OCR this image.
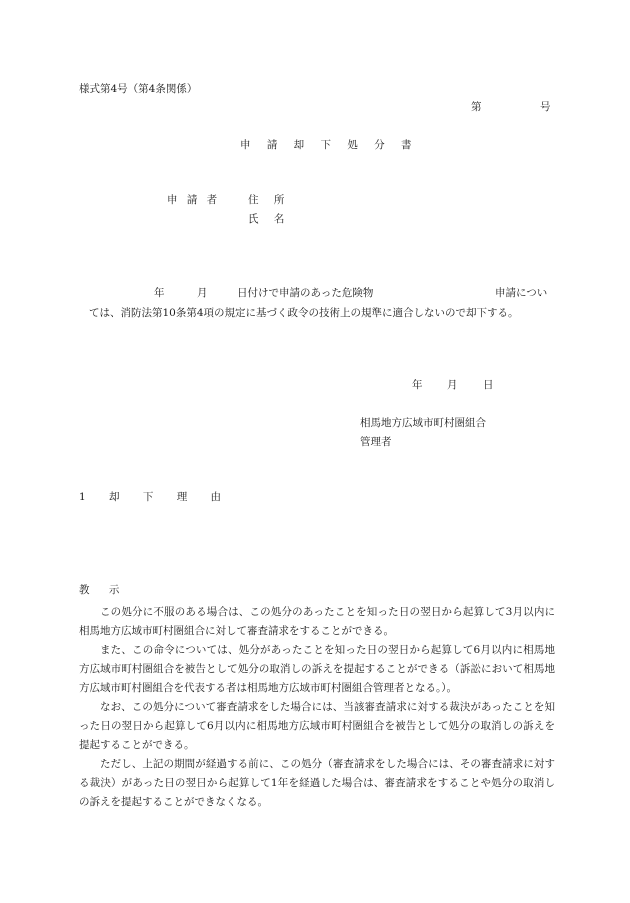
様式第4号（第4条関係）
第	号
申 請 却 下 処 分 書
申 請 者	住 所
氏 名
年	月	日付けで申請のあった危険物	申請につい
ては、消防法第10条第4項の規定に基づく政令の技術上の規準に適合しないので却下する。
年 月 日
相馬地方広域市町村圏組合
管理者
1 却 下 理 由
教 示

この処分に不服のある場合は、この処分のあったことを知った日の翌日から起算して3月以内に相馬地方広域市町村圏組合に対して審査請求をすることができる。

また、この命令については、処分があったことを知った日の翌日から起算して6月以内に相馬地方広域市町村圏組合を被告として処分の取消しの訴えを提起することができる（訴訟において相馬地方広域市町村圏組合を代表する者は相馬地方広域市町村圏組合管理者となる。）。

なお、この処分について審査請求をした場合には、当該審査請求に対する裁決があったことを知った日の翌日から起算して6月以内に相馬地方広域市町村圏組合を被告として処分の取消しの訴えを提起することができる。

ただし、上記の期間が経過する前に、この処分（審査請求をした場合には、その審査請求に対する裁決）があった日の翌日から起算して1年を経過した場合は、審査請求をすることや処分の取消しの訴えを提起することができなくなる。
